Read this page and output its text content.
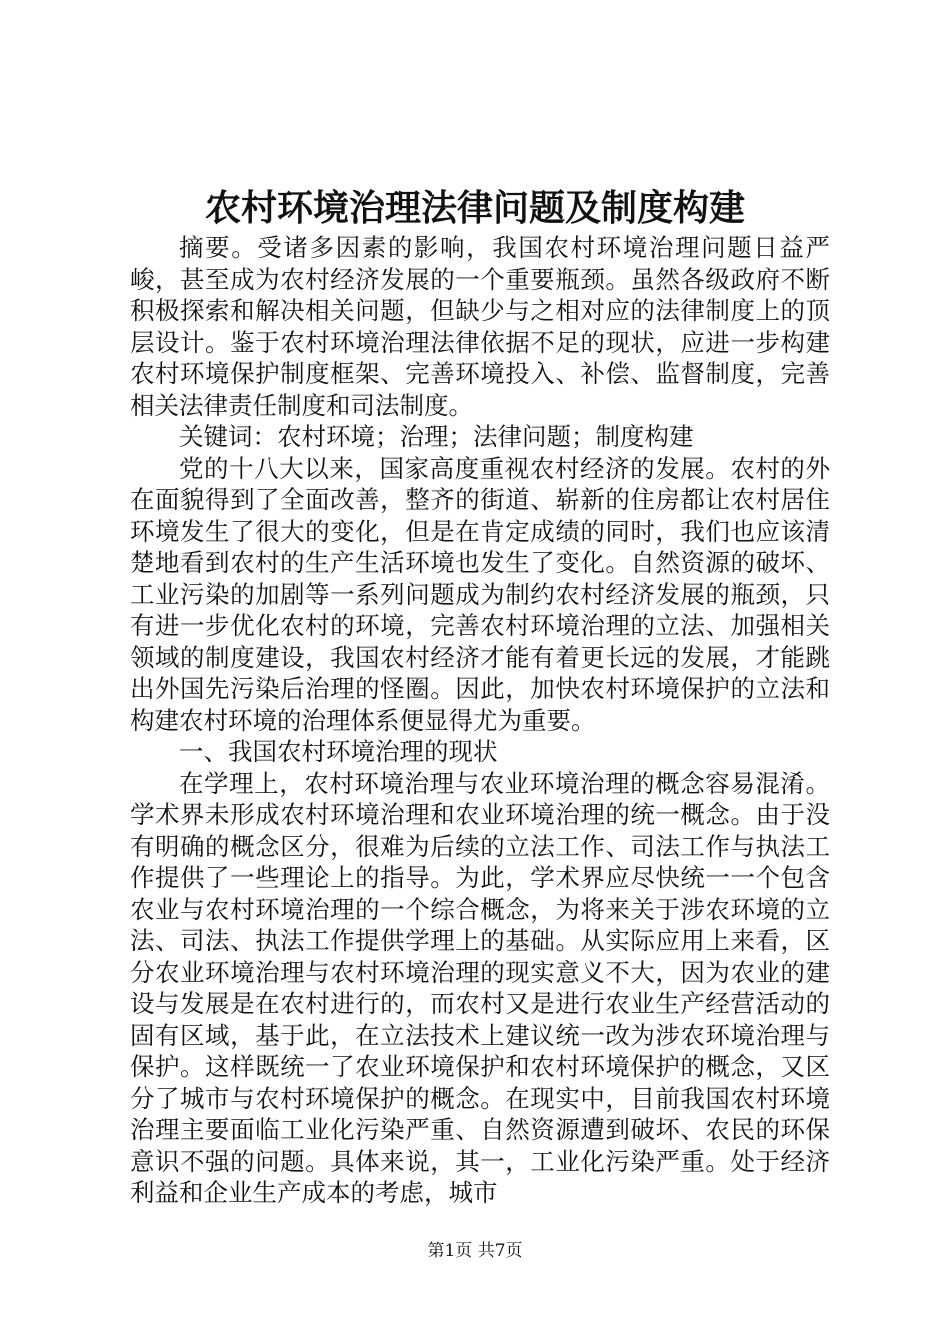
农村环境治理法律问题及制度构建

摘要。受诸多因素的影响，我国农村环境治理问题日益严峻，甚至成为农村经济发展的一个重要瓶颈。虽然各级政府不断积极探索和解决相关问题，但缺少与之相对应的法律制度上的顶层设计。鉴于农村环境治理法律依据不足的现状，应进一步构建农村环境保护制度框架、完善环境投入、补偿、监督制度，完善相关法律责任制度和司法制度。

关键词：农村环境；治理；法律问题；制度构建

党的十八大以来，国家高度重视农村经济的发展。农村的外在面貌得到了全面改善，整齐的街道、崭新的住房都让农村居住环境发生了很大的变化，但是在肯定成绩的同时，我们也应该清楚地看到农村的生产生活环境也发生了变化。自然资源的破坏、工业污染的加剧等一系列问题成为制约农村经济发展的瓶颈，只有进一步优化农村的环境，完善农村环境治理的立法、加强相关领域的制度建设，我国农村经济才能有着更长远的发展，才能跳出外国先污染后治理的怪圈。因此，加快农村环境保护的立法和构建农村环境的治理体系便显得尤为重要。

一、我国农村环境治理的现状

在学理上，农村环境治理与农业环境治理的概念容易混淆。学术界未形成农村环境治理和农业环境治理的统一概念。由于没有明确的概念区分，很难为后续的立法工作、司法工作与执法工作提供了一些理论上的指导。为此，学术界应尽快统一一个包含农业与农村环境治理的一个综合概念，为将来关于涉农环境的立法、司法、执法工作提供学理上的基础。从实际应用上来看，区分农业环境治理与农村环境治理的现实意义不大，因为农业的建设与发展是在农村进行的，而农村又是进行农业生产经营活动的固有区域，基于此，在立法技术上建议统一改为涉农环境治理与保护。这样既统一了农业环境保护和农村环境保护的概念，又区分了城市与农村环境保护的概念。在现实中，目前我国农村环境治理主要面临工业化污染严重、自然资源遭到破坏、农民的环保意识不强的问题。具体来说，其一，工业化污染严重。处于经济利益和企业生产成本的考虑，城市

第1页 共7页
